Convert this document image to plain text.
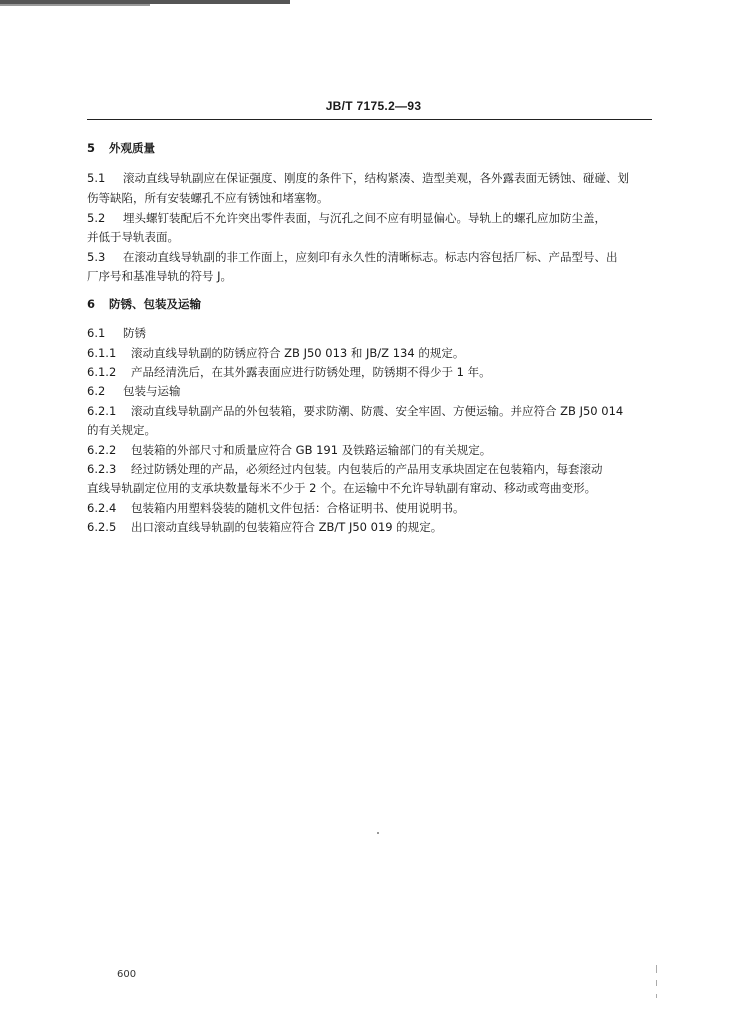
JB/T 7175.2—93
5 外观质量
5.1 滚动直线导轨副应在保证强度、刚度的条件下，结构紧凑、造型美观，各外露表面无锈蚀、碰碰、划
伤等缺陷，所有安装螺孔不应有锈蚀和堵塞物。
5.2 埋头螺钉装配后不允许突出零件表面，与沉孔之间不应有明显偏心。导轨上的螺孔应加防尘盖，
并低于导轨表面。
5.3 在滚动直线导轨副的非工作面上，应刻印有永久性的清晰标志。标志内容包括厂标、产品型号、出
厂序号和基准导轨的符号 J。
6 防锈、包装及运输
6.1 防锈
6.1.1 滚动直线导轨副的防锈应符合 ZB J50 013 和 JB/Z 134 的规定。
6.1.2 产品经清洗后，在其外露表面应进行防锈处理，防锈期不得少于 1 年。
6.2 包装与运输
6.2.1 滚动直线导轨副产品的外包装箱，要求防潮、防震、安全牢固、方便运输。并应符合 ZB J50 014
的有关规定。
6.2.2 包装箱的外部尺寸和质量应符合 GB 191 及铁路运输部门的有关规定。
6.2.3 经过防锈处理的产品，必须经过内包装。内包装后的产品用支承块固定在包装箱内，每套滚动
直线导轨副定位用的支承块数量每米不少于 2 个。在运输中不允许导轨副有窜动、移动或弯曲变形。
6.2.4 包装箱内用塑料袋装的随机文件包括：合格证明书、使用说明书。
6.2.5 出口滚动直线导轨副的包装箱应符合 ZB/T J50 019 的规定。
600
